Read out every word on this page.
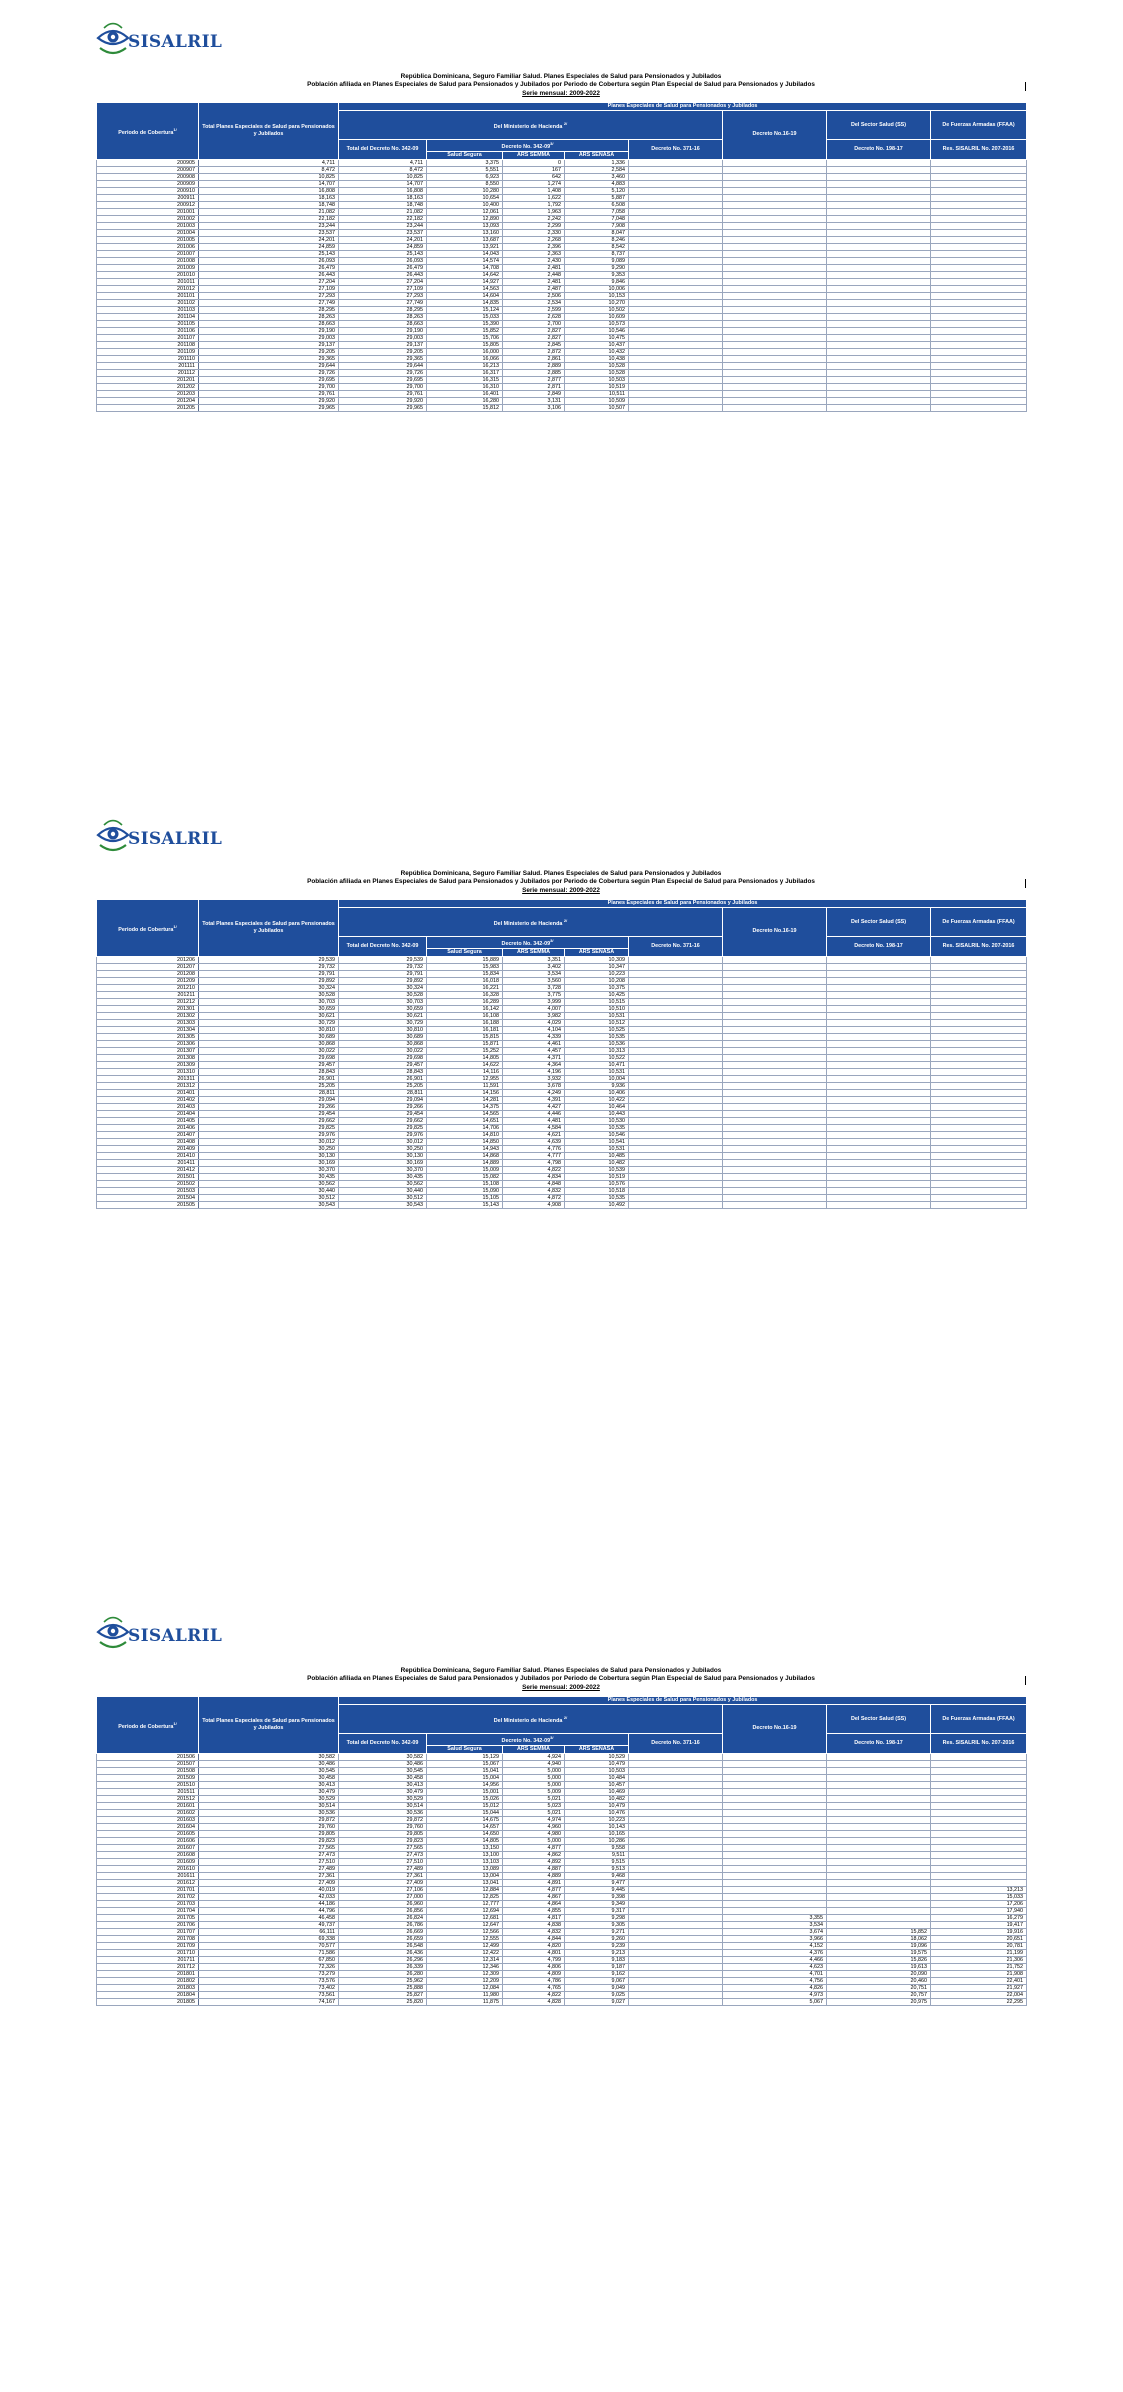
SISALRIL
República Dominicana, Seguro Familiar Salud. Planes Especiales de Salud para Pensionados y Jubilados
Población afiliada en Planes Especiales de Salud para Pensionados y Jubilados por Periodo de Cobertura según Plan Especial de Salud para Pensionados y Jubilados
Serie mensual: 2009-2022
Periodo de Cobertura$^{1/}$	Total Planes Especiales de Salud para Pensionados y Jubilados	Planes Especiales de Salud para Pensionados y Jubilados								
		Del Ministerio de Hacienda $^{2/}$					Decreto No.16-19	Del Sector Salud (SS)	De Fuerzas Armadas (FFAA)	De Policía Nacional (PN)
		Total del Decreto No. 342-09	Decreto No. $342-09^{3/}$			Decreto No. 371-16		Decreto No. 198-17	Res. SISALRIL No. 207-2016	
			Salud Segura	ARS SEMMA	ARS SENASA					
200905	4,711	4,711	3,375	0	1,336					
200907	8,472	8,472	5,551	167	2,584					
200908	10,825	10,825	6,923	642	3,460					
200909	14,707	14,707	8,550	1,274	4,883					
200910	16,808	16,808	10,280	1,408	5,120					
200911	18,163	18,163	10,654	1,622	5,887					
200912	18,748	18,748	10,400	1,792	6,508					
201001	21,082	21,082	12,061	1,963	7,058					
201002	22,182	22,182	12,890	2,242	7,048					
201003	23,244	23,244	13,093	2,299	7,908					
201004	23,537	23,537	13,160	2,330	8,047					
201005	24,201	24,201	13,687	2,268	8,246					
201006	24,859	24,859	13,921	2,396	8,542					
201007	25,143	25,143	14,043	2,363	8,737					
201008	26,093	26,093	14,574	2,430	9,089					
201009	26,479	26,479	14,708	2,481	9,290					
201010	26,443	26,443	14,642	2,448	9,353					
201011	27,204	27,204	14,927	2,481	9,846					
201012	27,109	27,109	14,563	2,487	10,006					
201101	27,293	27,293	14,604	2,506	10,153					
201102	27,749	27,749	14,835	2,534	10,270					
201103	28,295	28,295	15,124	2,599	10,502					
201104	28,263	28,263	15,033	2,628	10,609					
201105	28,663	28,663	15,390	2,700	10,573					
201106	29,190	29,190	15,852	2,827	10,546					
201107	29,003	29,003	15,706	2,827	10,475					
201108	29,137	29,137	15,805	2,845	10,437					
201109	29,205	29,205	16,000	2,872	10,432					
201110	29,365	29,365	16,066	2,861	10,438					
201111	29,644	29,644	16,213	2,889	10,528					
201112	29,726	29,726	16,317	2,885	10,528					
201201	29,695	29,695	16,315	2,877	10,503					
201202	29,700	29,700	16,310	2,871	10,519					
201203	29,761	29,761	16,401	2,849	10,511					
201204	29,920	29,920	16,280	3,131	10,509					
201205	29,965	29,965	15,812	3,106	10,507					
SISALRIL
República Dominicana, Seguro Familiar Salud. Planes Especiales de Salud para Pensionados y Jubilados
Población afiliada en Planes Especiales de Salud para Pensionados y Jubilados por Periodo de Cobertura según Plan Especial de Salud para Pensionados y Jubilados
Serie mensual: 2009-2022
Periodo de Cobertura$^{1/}$	Total Planes Especiales de Salud para Pensionados y Jubilados	Planes Especiales de Salud para Pensionados y Jubilados								
		Del Ministerio de Hacienda $^{2/}$					Decreto No.16-19	Del Sector Salud (SS)	De Fuerzas Armadas (FFAA)	De Policía Nacional (PN)
		Total del Decreto No. 342-09	Decreto No. $342-09^{3/}$			Decreto No. 371-16		Decreto No. 198-17	Res. SISALRIL No. 207-2016	
			Salud Segura	ARS SEMMA	ARS SENASA					
201206	29,539	29,539	15,889	3,351	10,309					
201207	29,732	29,732	15,983	3,402	10,347					
201208	29,791	29,791	15,834	3,534	10,223					
201209	29,892	29,892	16,018	3,560	10,208					
201210	30,324	30,324	16,221	3,728	10,375					
201211	30,528	30,528	16,328	3,775	10,425					
201212	30,703	30,703	16,289	3,999	10,515					
201301	30,659	30,659	16,142	4,007	10,510					
201302	30,621	30,621	16,108	3,982	10,531					
201303	30,729	30,729	16,188	4,029	10,512					
201304	30,810	30,810	16,181	4,104	10,525					
201305	30,689	30,689	15,815	4,339	10,535					
201306	30,868	30,868	15,871	4,461	10,536					
201307	30,022	30,022	15,252	4,457	10,313					
201308	29,698	29,698	14,805	4,371	10,522					
201309	29,457	29,457	14,622	4,364	10,471					
201310	28,843	28,843	14,116	4,196	10,531					
201311	26,901	26,901	12,955	3,932	10,004					
201312	25,205	25,205	11,591	3,678	9,936					
201401	28,811	28,811	14,156	4,249	10,406					
201402	29,094	29,094	14,281	4,391	10,422					
201403	29,266	29,266	14,375	4,427	10,464					
201404	29,454	29,454	14,565	4,446	10,443					
201405	29,662	29,662	14,651	4,481	10,530					
201406	29,825	29,825	14,706	4,584	10,535					
201407	29,976	29,976	14,810	4,621	10,546					
201408	30,012	30,012	14,850	4,639	10,541					
201409	30,250	30,250	14,943	4,776	10,531					
201410	30,130	30,130	14,868	4,777	10,485					
201411	30,169	30,169	14,889	4,798	10,482					
201412	30,370	30,370	15,009	4,822	10,539					
201501	30,435	30,435	15,082	4,834	10,519					
201502	30,562	30,562	15,108	4,848	10,576					
201503	30,440	30,440	15,090	4,832	10,518					
201504	30,512	30,512	15,105	4,872	10,535					
201505	30,543	30,543	15,143	4,908	10,492					
SISALRIL
República Dominicana, Seguro Familiar Salud. Planes Especiales de Salud para Pensionados y Jubilados
Población afiliada en Planes Especiales de Salud para Pensionados y Jubilados por Periodo de Cobertura según Plan Especial de Salud para Pensionados y Jubilados
Serie mensual: 2009-2022
Periodo de Cobertura$^{1/}$	Total Planes Especiales de Salud para Pensionados y Jubilados	Planes Especiales de Salud para Pensionados y Jubilados								
		Del Ministerio de Hacienda $^{2/}$					Decreto No.16-19	Del Sector Salud (SS)	De Fuerzas Armadas (FFAA)	De Policía Nacional (PN)
		Total del Decreto No. 342-09	Decreto No. $342-09^{3/}$			Decreto No. 371-16		Decreto No. 198-17	Res. SISALRIL No. 207-2016	
			Salud Segura	ARS SEMMA	ARS SENASA					
201506	30,582	30,582	15,129	4,924	10,529					
201507	30,486	30,486	15,067	4,940	10,479					
201508	30,545	30,545	15,041	5,000	10,503					
201509	30,458	30,458	15,004	5,000	10,484					
201510	30,413	30,413	14,956	5,000	10,457					
201511	30,479	30,479	15,001	5,009	10,469					
201512	30,529	30,529	15,026	5,021	10,482					
201601	30,514	30,514	15,012	5,023	10,479					
201602	30,536	30,536	15,044	5,021	10,476					
201603	29,872	29,872	14,675	4,974	10,223					
201604	29,760	29,760	14,657	4,960	10,143					
201605	29,805	29,805	14,650	4,980	10,165					
201606	29,823	29,823	14,805	5,000	10,286					
201607	27,565	27,565	13,150	4,877	9,558					
201608	27,473	27,473	13,100	4,862	9,511					
201609	27,510	27,510	13,103	4,892	9,515					
201610	27,489	27,489	13,089	4,887	9,513					
201611	27,361	27,361	13,004	4,889	9,468					
201612	27,409	27,409	13,041	4,891	9,477					
201701	40,019	27,106	12,884	4,877	9,445				13,213	
201702	42,033	27,000	12,825	4,867	9,398				15,033	
201703	44,186	26,960	12,777	4,864	9,349				17,206	
201704	44,796	26,856	12,694	4,855	9,317				17,940	
201705	46,458	26,824	12,681	4,817	9,298		3,355		16,279	
201706	49,737	26,786	12,647	4,838	9,305		3,534		19,417	
201707	66,111	26,669	12,566	4,832	9,271		3,674	15,852	19,916	
201708	69,338	26,659	12,555	4,844	9,260		3,966	18,062	20,651	
201709	70,577	26,548	12,499	4,820	9,239		4,152	19,096	20,781	
201710	71,586	26,436	12,422	4,801	9,213		4,376	19,575	21,199	
201711	67,850	26,296	12,314	4,799	9,183		4,466	15,826	21,306	
201712	72,326	26,339	12,346	4,806	9,187		4,623	19,613	21,752	
201801	73,279	26,280	12,309	4,809	9,162		4,701	20,090	21,908	
201802	73,576	25,962	12,209	4,786	9,067		4,756	20,460	22,401	
201803	73,402	25,888	12,084	4,765	9,049		4,826	20,751	21,927	
201804	73,561	25,827	11,980	4,822	9,025		4,973	20,757	22,004	
201805	74,167	25,820	11,875	4,828	9,027		5,067	20,975	22,295	
